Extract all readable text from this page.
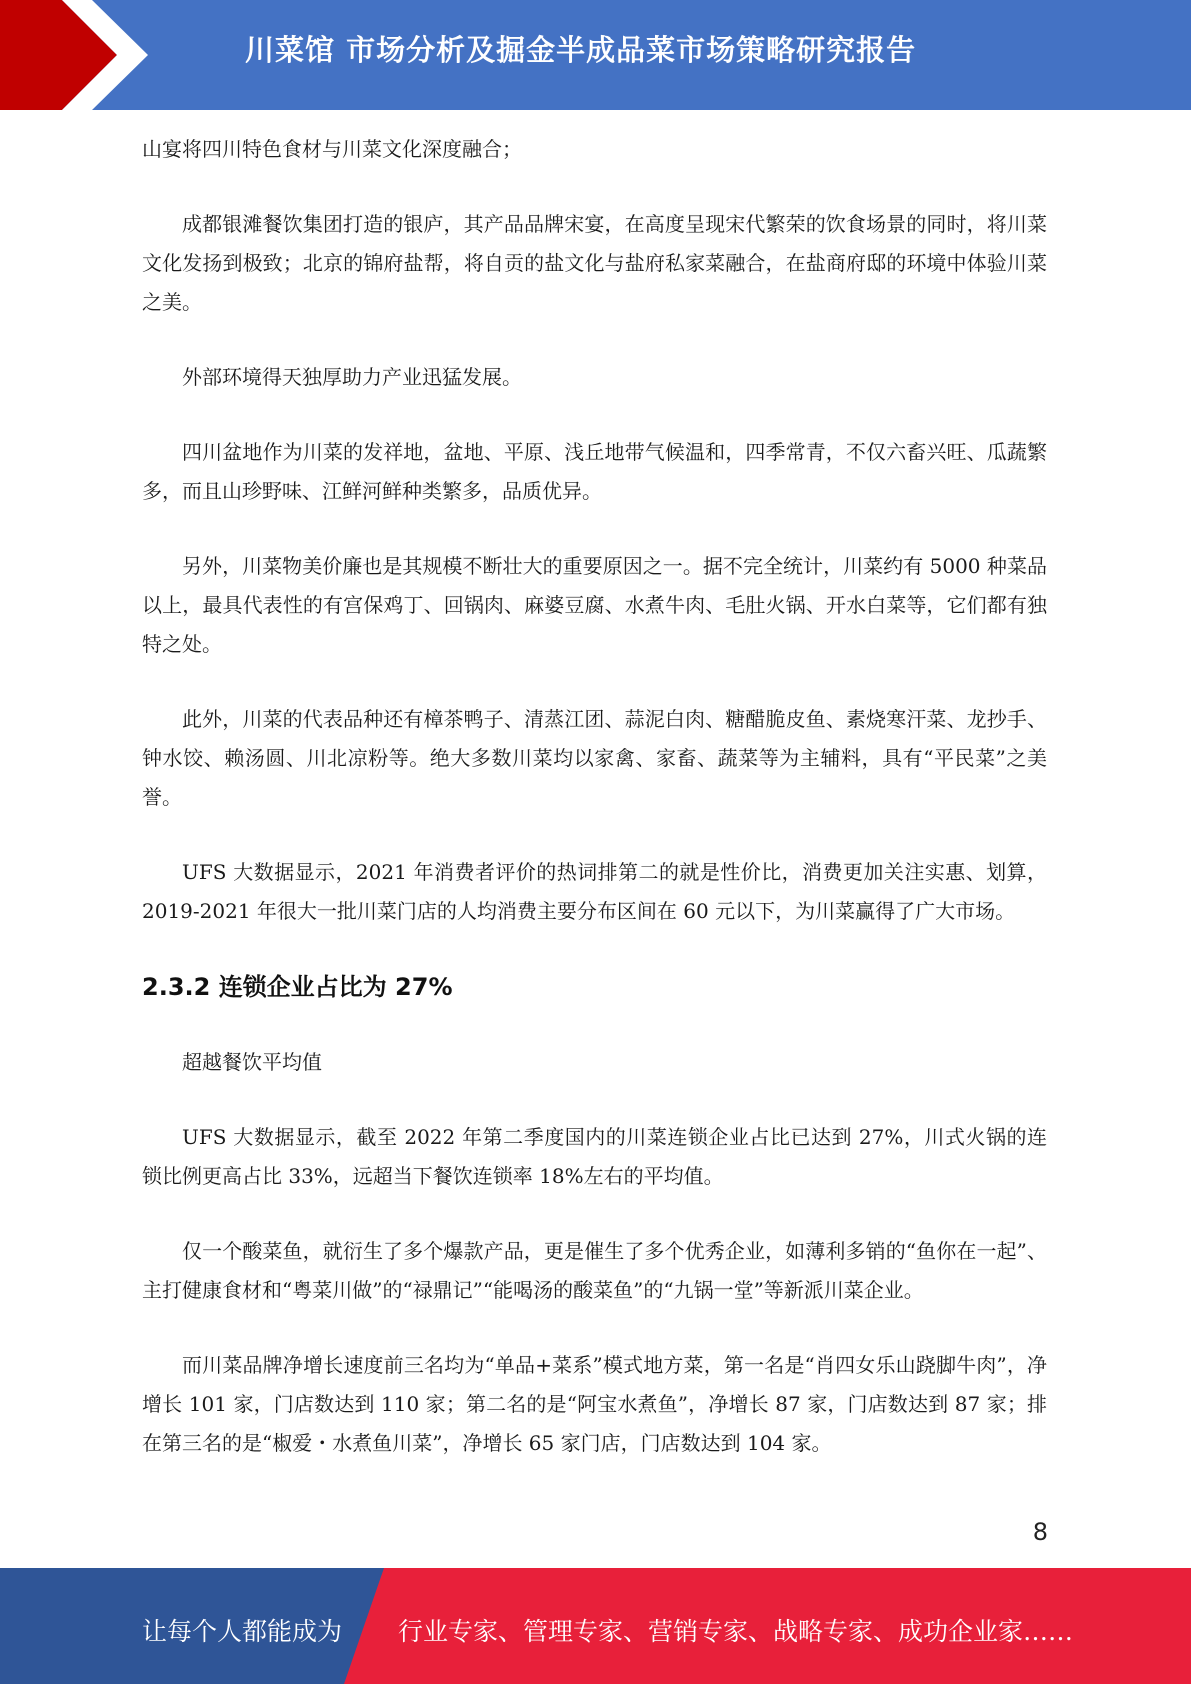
川菜馆 市场分析及掘金半成品菜市场策略研究报告

山宴将四川特色食材与川菜文化深度融合；

成都银滩餐饮集团打造的银庐，其产品品牌宋宴，在高度呈现宋代繁荣的饮食场景的同时，将川菜文化发扬到极致；北京的锦府盐帮，将自贡的盐文化与盐府私家菜融合，在盐商府邸的环境中体验川菜之美。

外部环境得天独厚助力产业迅猛发展。

四川盆地作为川菜的发祥地，盆地、平原、浅丘地带气候温和，四季常青，不仅六畜兴旺、瓜蔬繁多，而且山珍野味、江鲜河鲜种类繁多，品质优异。

另外，川菜物美价廉也是其规模不断壮大的重要原因之一。据不完全统计，川菜约有 5000 种菜品以上，最具代表性的有宫保鸡丁、回锅肉、麻婆豆腐、水煮牛肉、毛肚火锅、开水白菜等，它们都有独特之处。

此外，川菜的代表品种还有樟茶鸭子、清蒸江团、蒜泥白肉、糖醋脆皮鱼、素烧寒汗菜、龙抄手、钟水饺、赖汤圆、川北凉粉等。绝大多数川菜均以家禽、家畜、蔬菜等为主辅料，具有“平民菜”之美誉。

UFS 大数据显示，2021 年消费者评价的热词排第二的就是性价比，消费更加关注实惠、划算，2019-2021 年很大一批川菜门店的人均消费主要分布区间在 60 元以下，为川菜赢得了广大市场。

2.3.2 连锁企业占比为 27%

超越餐饮平均值

UFS 大数据显示，截至 2022 年第二季度国内的川菜连锁企业占比已达到 27%，川式火锅的连锁比例更高占比 33%，远超当下餐饮连锁率 18%左右的平均值。

仅一个酸菜鱼，就衍生了多个爆款产品，更是催生了多个优秀企业，如薄利多销的“鱼你在一起”、主打健康食材和“粤菜川做”的“禄鼎记”“能喝汤的酸菜鱼”的“九锅一堂”等新派川菜企业。

而川菜品牌净增长速度前三名均为“单品+菜系”模式地方菜，第一名是“肖四女乐山跷脚牛肉”，净增长 101 家，门店数达到 110 家；第二名的是“阿宝水煮鱼”，净增长 87 家，门店数达到 87 家；排在第三名的是“椒爱・水煮鱼川菜”，净增长 65 家门店，门店数达到 104 家。

8
让每个人都能成为 行业专家、管理专家、营销专家、战略专家、成功企业家……
